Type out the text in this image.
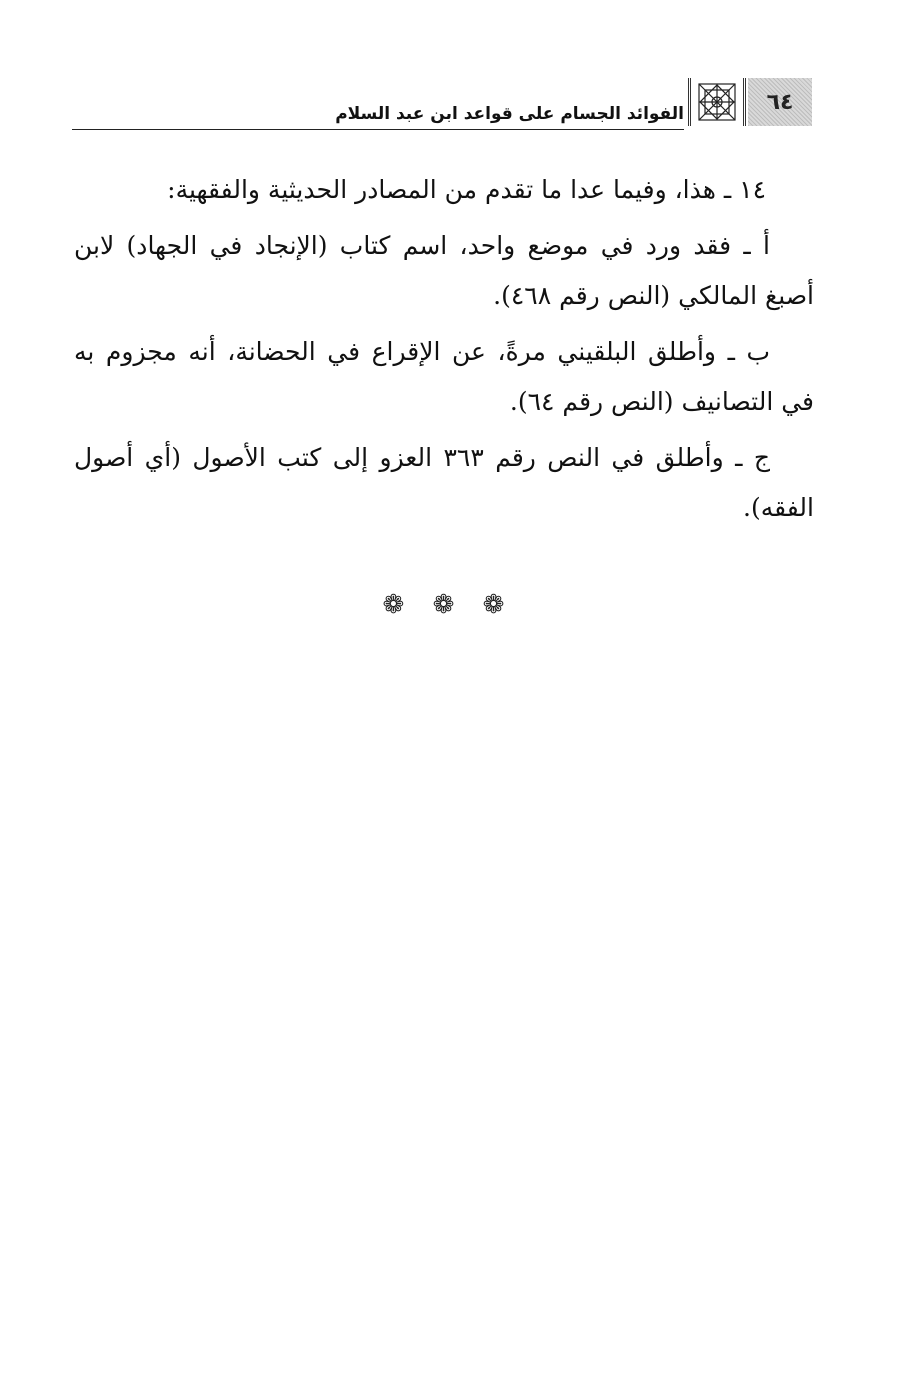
الفوائد الجسام على قواعد ابن عبد السلام	٦٤

١٤ ـ هذا، وفيما عدا ما تقدم من المصادر الحديثية والفقهية:

أ ـ فقد ورد في موضع واحد، اسم كتاب (الإنجاد في الجهاد) لابن أصبغ المالكي (النص رقم ٤٦٨).

ب ـ وأطلق البلقيني مرةً، عن الإقراع في الحضانة، أنه مجزوم به في التصانيف (النص رقم ٦٤).

ج ـ وأطلق في النص رقم ٣٦٣ العزو إلى كتب الأصول (أي أصول الفقه).

❁ ❁ ❁
